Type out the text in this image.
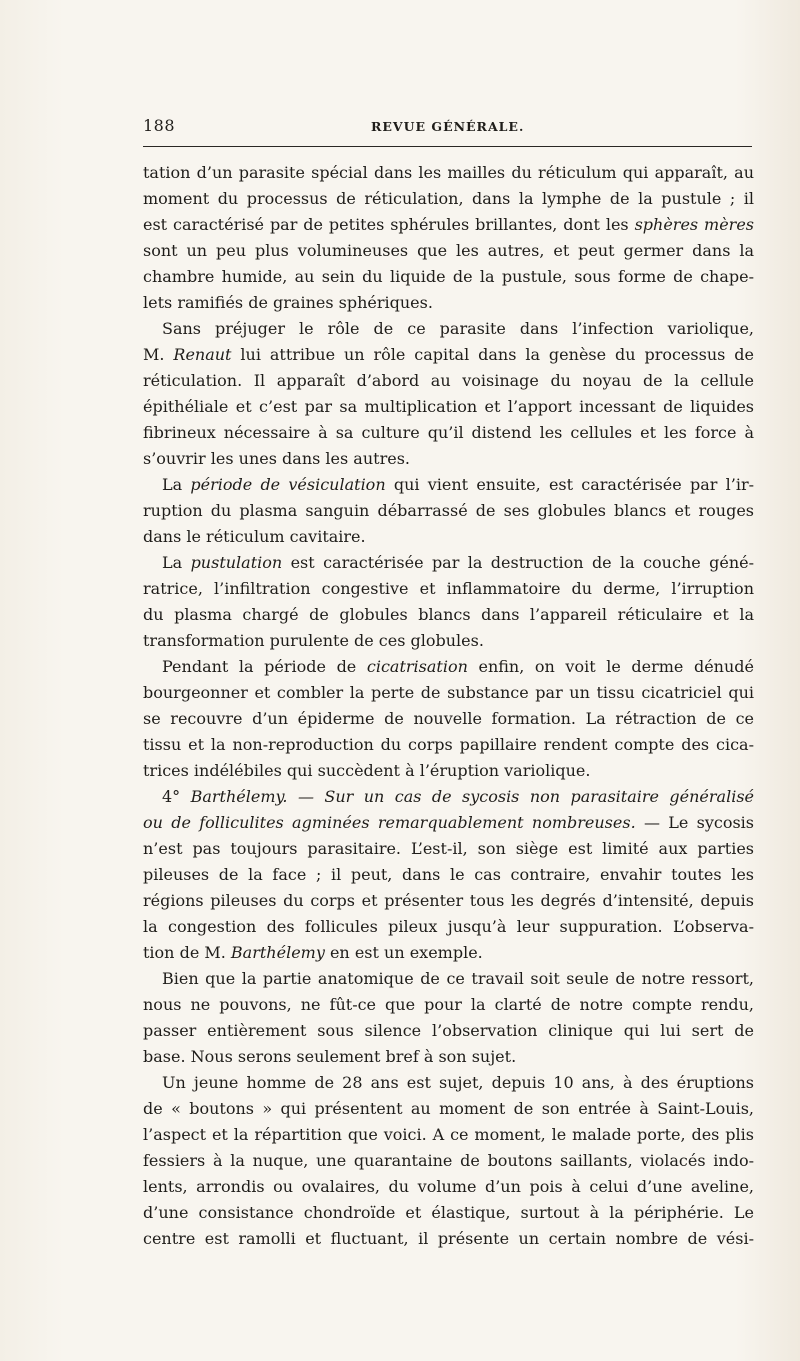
188	REVUE GÉNÉRALE.
tation d’un parasite spécial dans les mailles du réticulum qui apparaît, au
moment du processus de réticulation, dans la lymphe de la pustule ; il
est caractérisé par de petites sphérules brillantes, dont les sphères mères
sont un peu plus volumineuses que les autres, et peut germer dans la
chambre humide, au sein du liquide de la pustule, sous forme de chape-
lets ramifiés de graines sphériques.
Sans préjuger le rôle de ce parasite dans l’infection variolique,
M. Renaut lui attribue un rôle capital dans la genèse du processus de
réticulation. Il apparaît d’abord au voisinage du noyau de la cellule
épithéliale et c’est par sa multiplication et l’apport incessant de liquides
fibrineux nécessaire à sa culture qu’il distend les cellules et les force à
s’ouvrir les unes dans les autres.
La période de vésiculation qui vient ensuite, est caractérisée par l’ir-
ruption du plasma sanguin débarrassé de ses globules blancs et rouges
dans le réticulum cavitaire.
La pustulation est caractérisée par la destruction de la couche géné-
ratrice, l’infiltration congestive et inflammatoire du derme, l’irruption
du plasma chargé de globules blancs dans l’appareil réticulaire et la
transformation purulente de ces globules.
Pendant la période de cicatrisation enfin, on voit le derme dénudé
bourgeonner et combler la perte de substance par un tissu cicatriciel qui
se recouvre d’un épiderme de nouvelle formation. La rétraction de ce
tissu et la non-reproduction du corps papillaire rendent compte des cica-
trices indélébiles qui succèdent à l’éruption variolique.
4° Barthélemy. — Sur un cas de sycosis non parasitaire généralisé
ou de folliculites agminées remarquablement nombreuses. — Le sycosis
n’est pas toujours parasitaire. L’est-il, son siège est limité aux parties
pileuses de la face ; il peut, dans le cas contraire, envahir toutes les
régions pileuses du corps et présenter tous les degrés d’intensité, depuis
la congestion des follicules pileux jusqu’à leur suppuration. L’observa-
tion de M. Barthélemy en est un exemple.
Bien que la partie anatomique de ce travail soit seule de notre ressort,
nous ne pouvons, ne fût-ce que pour la clarté de notre compte rendu,
passer entièrement sous silence l’observation clinique qui lui sert de
base. Nous serons seulement bref à son sujet.
Un jeune homme de 28 ans est sujet, depuis 10 ans, à des éruptions
de « boutons » qui présentent au moment de son entrée à Saint-Louis,
l’aspect et la répartition que voici. A ce moment, le malade porte, des plis
fessiers à la nuque, une quarantaine de boutons saillants, violacés indo-
lents, arrondis ou ovalaires, du volume d’un pois à celui d’une aveline,
d’une consistance chondroïde et élastique, surtout à la périphérie. Le
centre est ramolli et fluctuant, il présente un certain nombre de vési-
